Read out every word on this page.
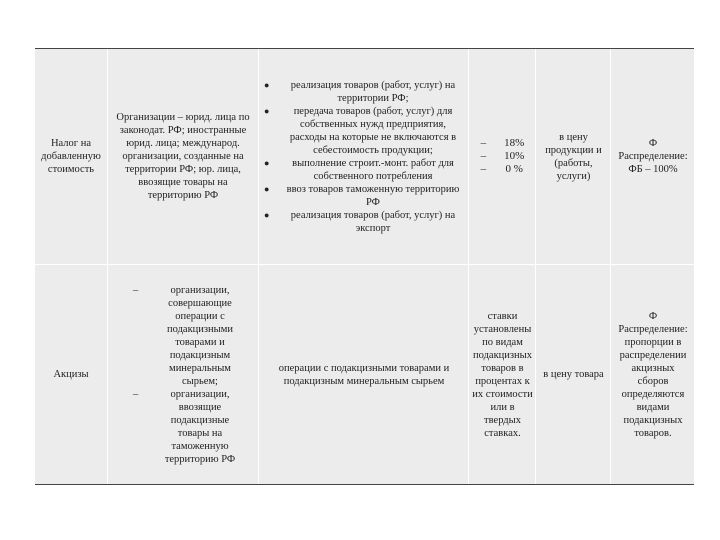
Налог на добавленную стоимость
Организации – юрид. лица по законодат. РФ; иностранные юрид. лица; международ. организации, созданные на территории РФ; юр. лица, ввозящие товары на территорию РФ
● реализация товаров (работ, услуг) на территории РФ;
● передача товаров (работ, услуг) для собственных нужд предприятия, расходы на которые не включаются в себестоимость продукции;
● выполнение строит.-монт. работ для собственного потребления
● ввоз товаров таможенную территорию РФ
● реализация товаров (работ, услуг) на экспорт
–
–
–
18%
10%
0 %
в цену продукции и (работы, услуги)
Ф Распределение: ФБ – 100%
Акцизы
–	организации, совершающие операции с подакцизными товарами и подакцизным минеральным сырьем;
–	организации, ввозящие подакцизные товары на таможенную территорию РФ
операции с подакцизными товарами и подакцизным минеральным сырьем
ставки установлены по видам подакцизных товаров в процентах к их стоимости или в твердых ставках.
в цену товара
Ф Распределение: пропорции в распределении акцизных сборов определяются видами подакцизных товаров.
